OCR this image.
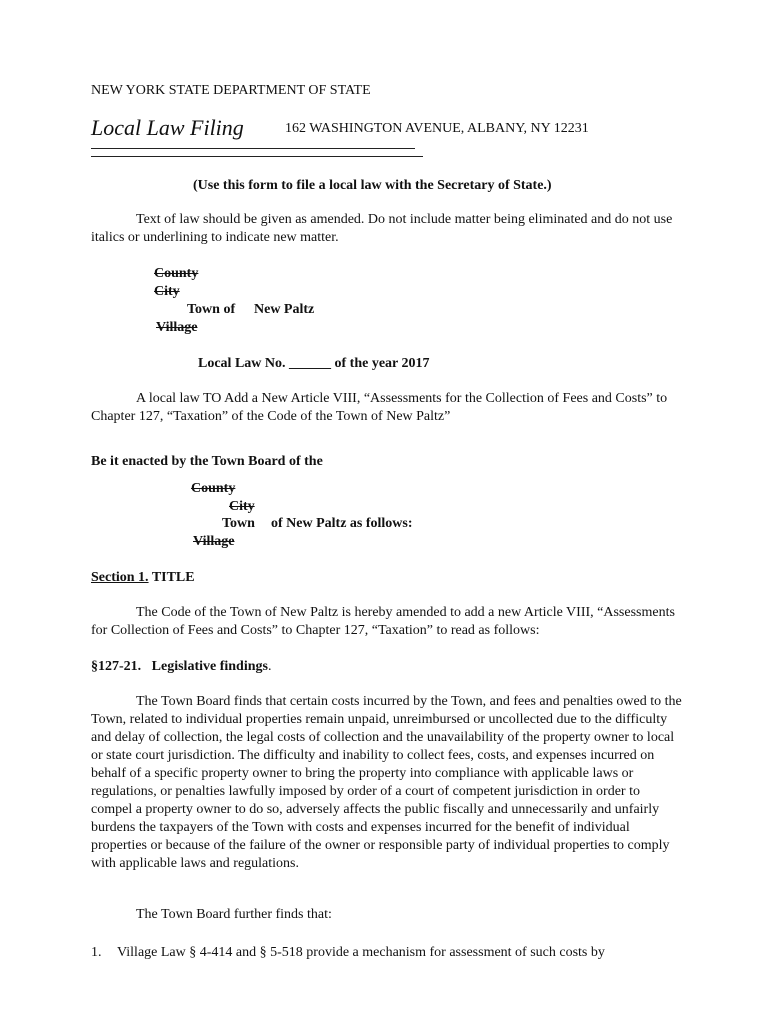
NEW YORK STATE DEPARTMENT OF STATE
Local Law Filing	162 WASHINGTON AVENUE, ALBANY, NY 12231
(Use this form to file a local law with the Secretary of State.)

Text of law should be given as amended. Do not include matter being eliminated and do not use italics or underlining to indicate new matter.

County
City
Town of New Paltz
Village
Local Law No. ______ of the year 2017

A local law TO Add a New Article VIII, “Assessments for the Collection of Fees and Costs” to Chapter 127, “Taxation” of the Code of the Town of New Paltz”

Be it enacted by the Town Board of the
County
City
Town of New Paltz as follows:
Village
Section 1. TITLE

The Code of the Town of New Paltz is hereby amended to add a new Article VIII, “Assessments for Collection of Fees and Costs” to Chapter 127, “Taxation” to read as follows:

§127-21.   Legislative findings.

The Town Board finds that certain costs incurred by the Town, and fees and penalties owed to the Town, related to individual properties remain unpaid, unreimbursed or uncollected due to the difficulty and delay of collection, the legal costs of collection and the unavailability of the property owner to local or state court jurisdiction. The difficulty and inability to collect fees, costs, and expenses incurred on behalf of a specific property owner to bring the property into compliance with applicable laws or regulations, or penalties lawfully imposed by order of a court of competent jurisdiction in order to compel a property owner to do so, adversely affects the public fiscally and unnecessarily and unfairly burdens the taxpayers of the Town with costs and expenses incurred for the benefit of individual properties or because of the failure of the owner or responsible party of individual properties to comply with applicable laws and regulations.

The Town Board further finds that:
1. Village Law § 4-414 and § 5-518 provide a mechanism for assessment of such costs by
